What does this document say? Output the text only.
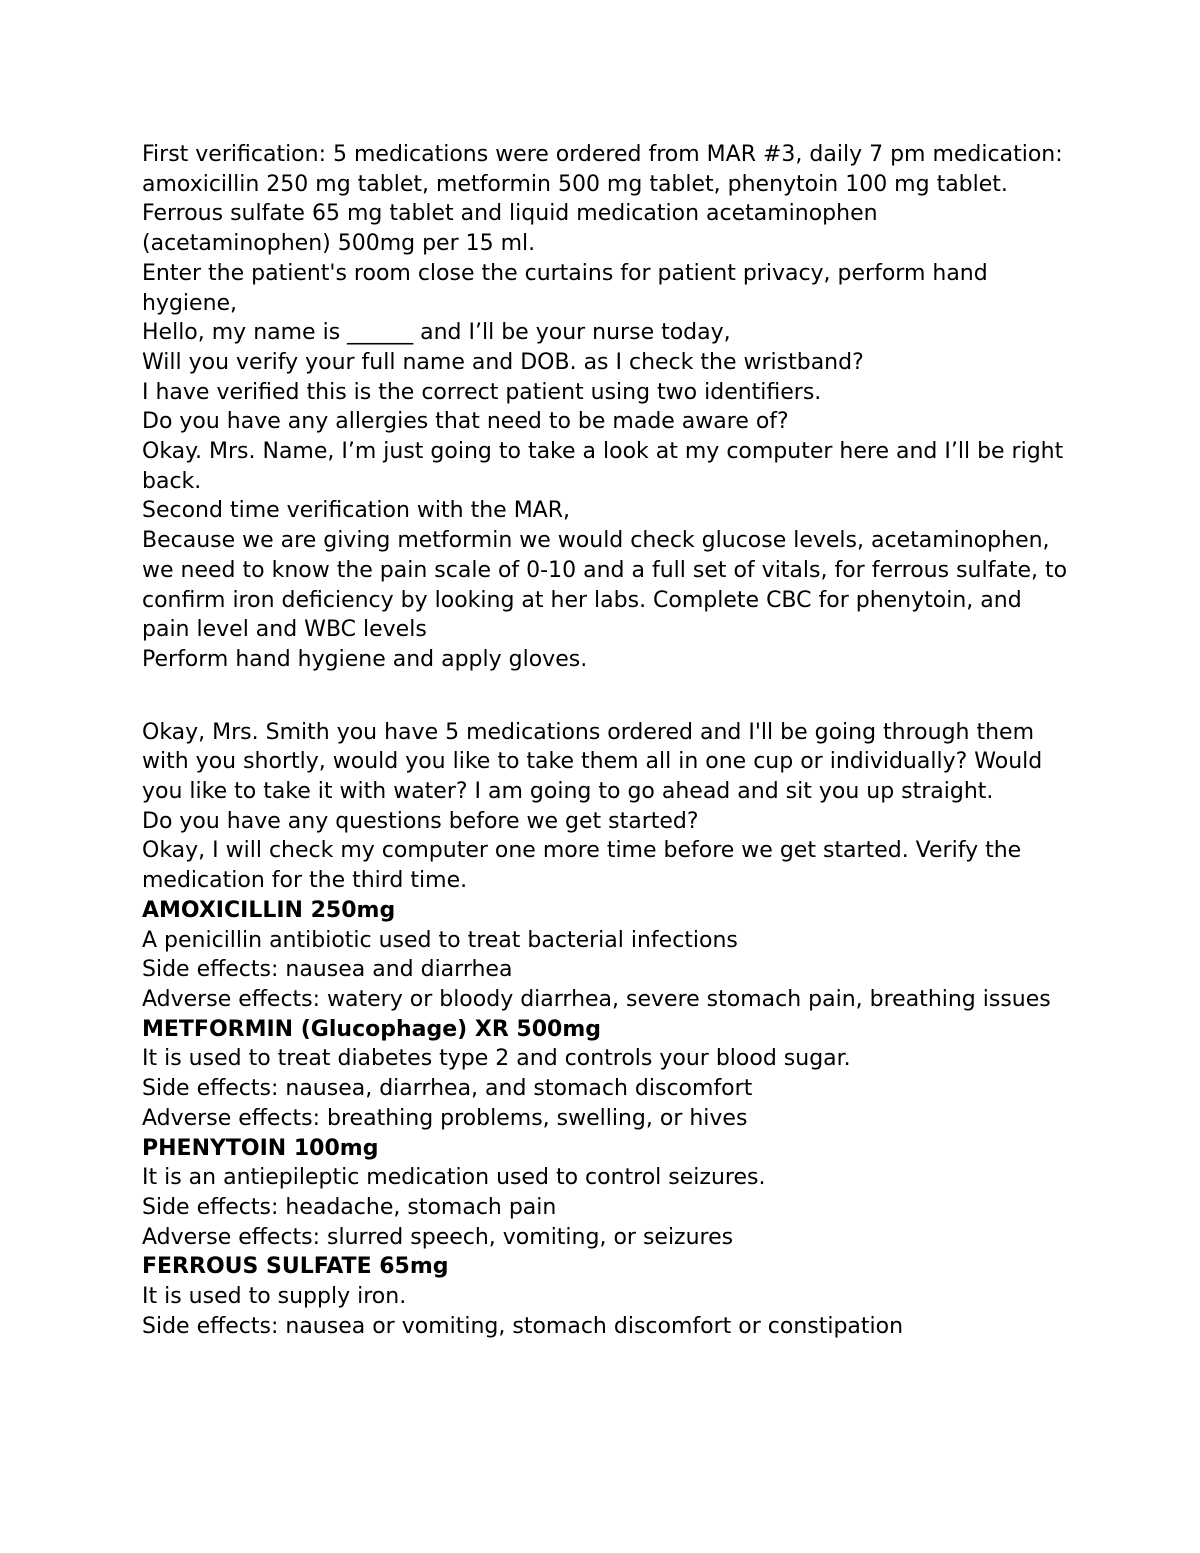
First verification: 5 medications were ordered from MAR #3, daily 7 pm medication: amoxicillin 250 mg tablet, metformin 500 mg tablet, phenytoin 100 mg tablet. Ferrous sulfate 65 mg tablet and liquid medication acetaminophen (acetaminophen) 500mg per 15 ml.

Enter the patient's room close the curtains for patient privacy, perform hand hygiene,

Hello, my name is ______ and I’ll be your nurse today,

Will you verify your full name and DOB. as I check the wristband?

I have verified this is the correct patient using two identifiers.

Do you have any allergies that need to be made aware of?

Okay. Mrs. Name, I’m just going to take a look at my computer here and I’ll be right back.

Second time verification with the MAR,

Because we are giving metformin we would check glucose levels, acetaminophen, we need to know the pain scale of 0-10 and a full set of vitals, for ferrous sulfate, to confirm iron deficiency by looking at her labs. Complete CBC for phenytoin, and pain level and WBC levels

Perform hand hygiene and apply gloves.

Okay, Mrs. Smith you have 5 medications ordered and I'll be going through them with you shortly, would you like to take them all in one cup or individually? Would you like to take it with water? I am going to go ahead and sit you up straight.

Do you have any questions before we get started?

Okay, I will check my computer one more time before we get started. Verify the medication for the third time.

AMOXICILLIN 250mg

A penicillin antibiotic used to treat bacterial infections

Side effects: nausea and diarrhea

Adverse effects: watery or bloody diarrhea, severe stomach pain, breathing issues

METFORMIN (Glucophage) XR 500mg

It is used to treat diabetes type 2 and controls your blood sugar.

Side effects: nausea, diarrhea, and stomach discomfort

Adverse effects: breathing problems, swelling, or hives

PHENYTOIN 100mg

It is an antiepileptic medication used to control seizures.

Side effects: headache, stomach pain

Adverse effects: slurred speech, vomiting, or seizures

FERROUS SULFATE 65mg

It is used to supply iron.

Side effects: nausea or vomiting, stomach discomfort or constipation
